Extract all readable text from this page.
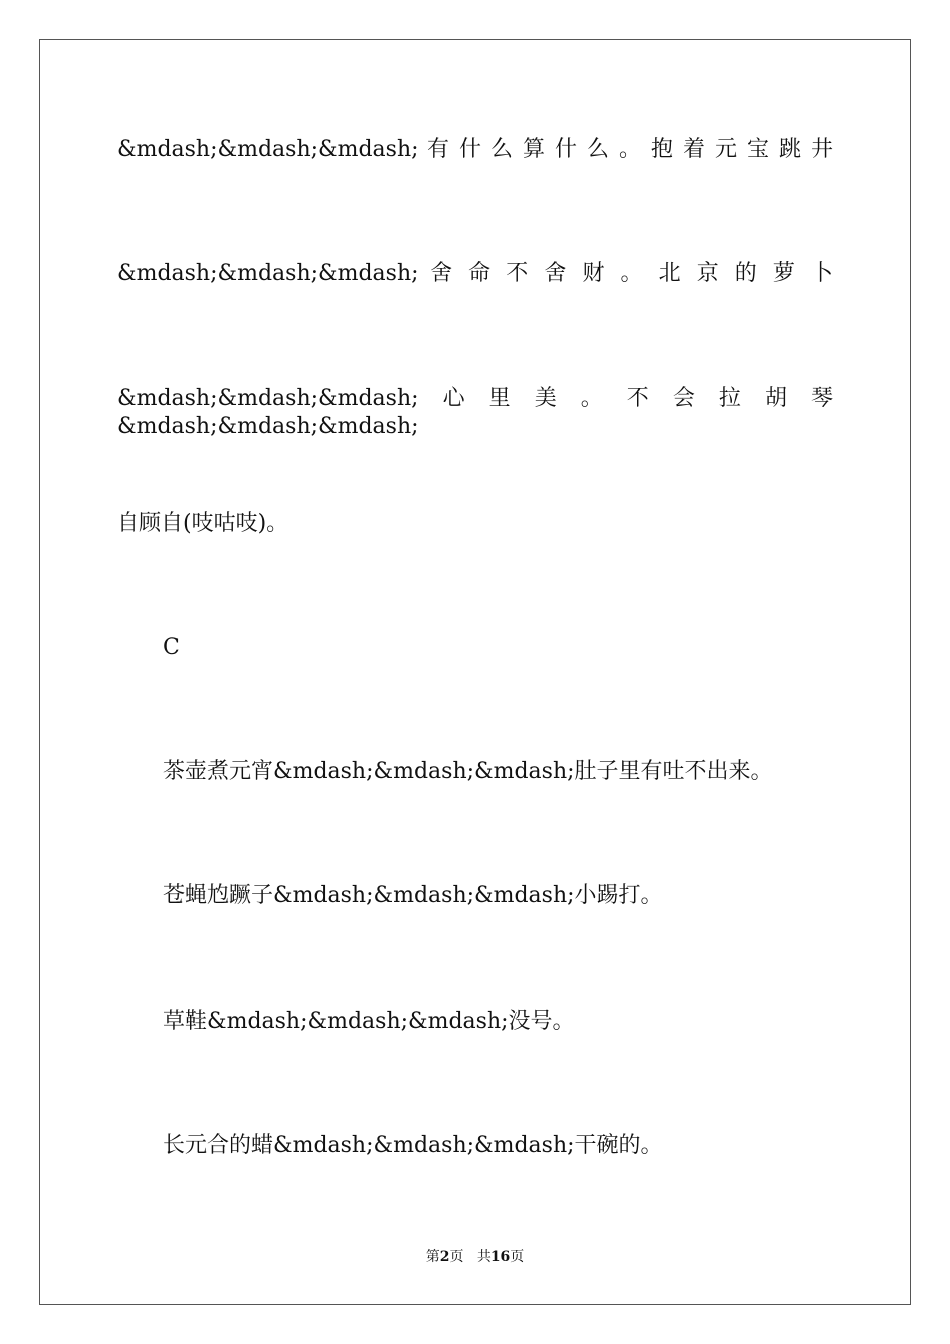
&mdash;&mdash;&mdash; 有 什 么 算 什 么 。 抱 着 元 宝 跳 井
&mdash;&mdash;&mdash; 舍 命 不 舍 财 。 北 京 的 萝 卜
&mdash;&mdash;&mdash;心里美。不会拉胡琴&mdash;&mdash;&mdash;
自顾自(吱咕吱)。
C
茶壶煮元宵&mdash;&mdash;&mdash;肚子里有吐不出来。
苍蝇尥蹶子&mdash;&mdash;&mdash;小踢打。
草鞋&mdash;&mdash;&mdash;没号。
长元合的蜡&mdash;&mdash;&mdash;干碗的。
第2页 共16页
